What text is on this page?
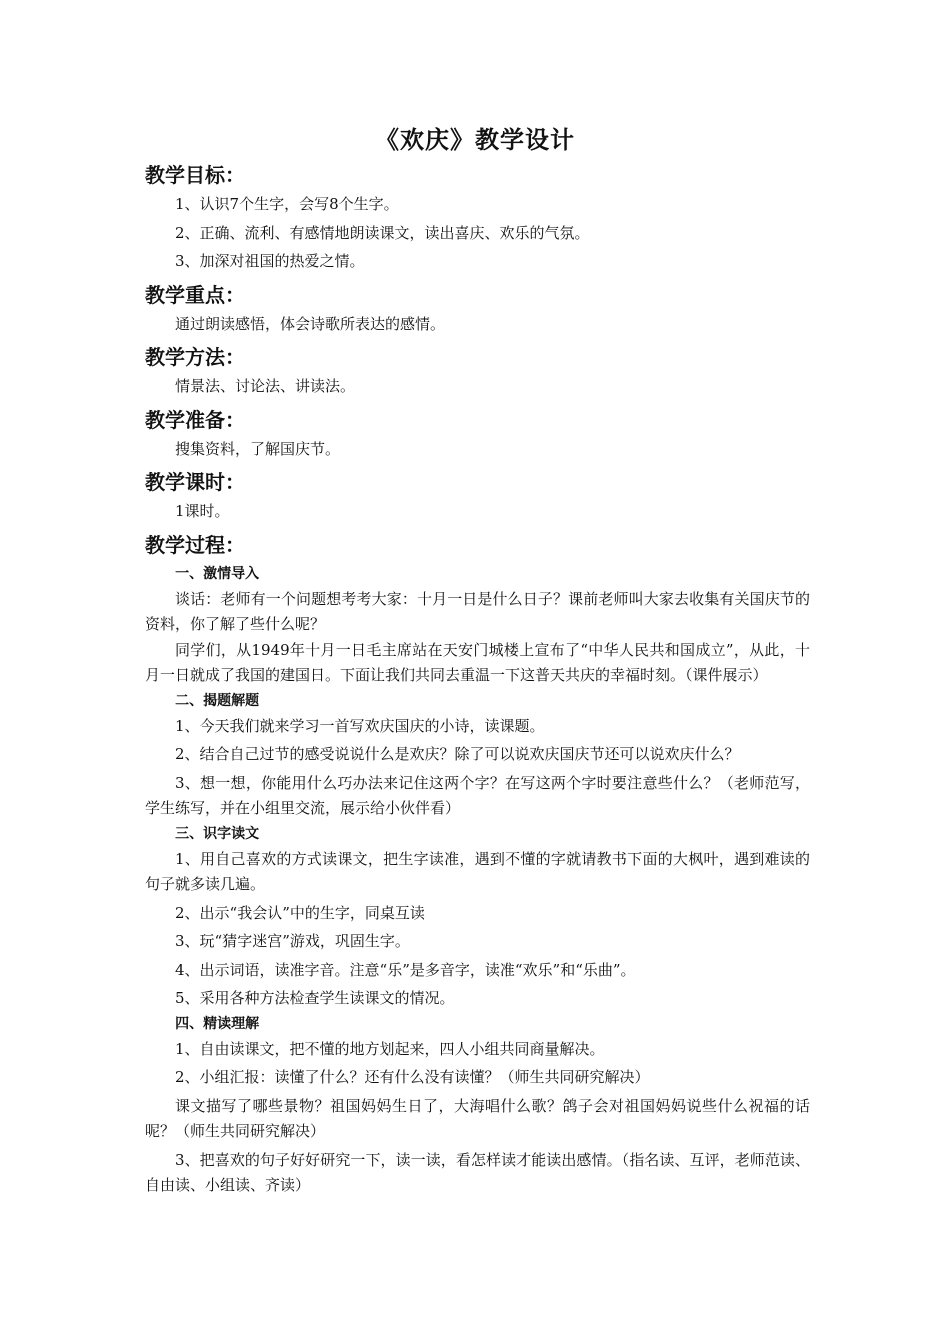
《欢庆》教学设计
教学目标：

1、认识7个生字，会写8个生字。

2、正确、流利、有感情地朗读课文，读出喜庆、欢乐的气氛。

3、加深对祖国的热爱之情。

教学重点：

通过朗读感悟，体会诗歌所表达的感情。

教学方法：

情景法、讨论法、讲读法。

教学准备：

搜集资料，了解国庆节。

教学课时：

1课时。

教学过程：
一、激情导入

谈话：老师有一个问题想考考大家：十月一日是什么日子？课前老师叫大家去收集有关国庆节的资料，你了解了些什么呢？

同学们，从1949年十月一日毛主席站在天安门城楼上宣布了“中华人民共和国成立”，从此，十月一日就成了我国的建国日。下面让我们共同去重温一下这普天共庆的幸福时刻。（课件展示）

二、揭题解题

1、今天我们就来学习一首写欢庆国庆的小诗，读课题。

2、结合自己过节的感受说说什么是欢庆？除了可以说欢庆国庆节还可以说欢庆什么？

3、想一想，你能用什么巧办法来记住这两个字？在写这两个字时要注意些什么？（老师范写，学生练写，并在小组里交流，展示给小伙伴看）

三、识字读文

1、用自己喜欢的方式读课文，把生字读准，遇到不懂的字就请教书下面的大枫叶，遇到难读的句子就多读几遍。

2、出示“我会认”中的生字，同桌互读

3、玩“猜字迷宫”游戏，巩固生字。

4、出示词语，读准字音。注意“乐”是多音字，读准“欢乐”和“乐曲”。

5、采用各种方法检查学生读课文的情况。

四、精读理解

1、自由读课文，把不懂的地方划起来，四人小组共同商量解决。

2、小组汇报：读懂了什么？还有什么没有读懂？（师生共同研究解决）

课文描写了哪些景物？祖国妈妈生日了，大海唱什么歌？鸽子会对祖国妈妈说些什么祝福的话呢？（师生共同研究解决）

3、把喜欢的句子好好研究一下，读一读，看怎样读才能读出感情。（指名读、互评，老师范读、自由读、小组读、齐读）
